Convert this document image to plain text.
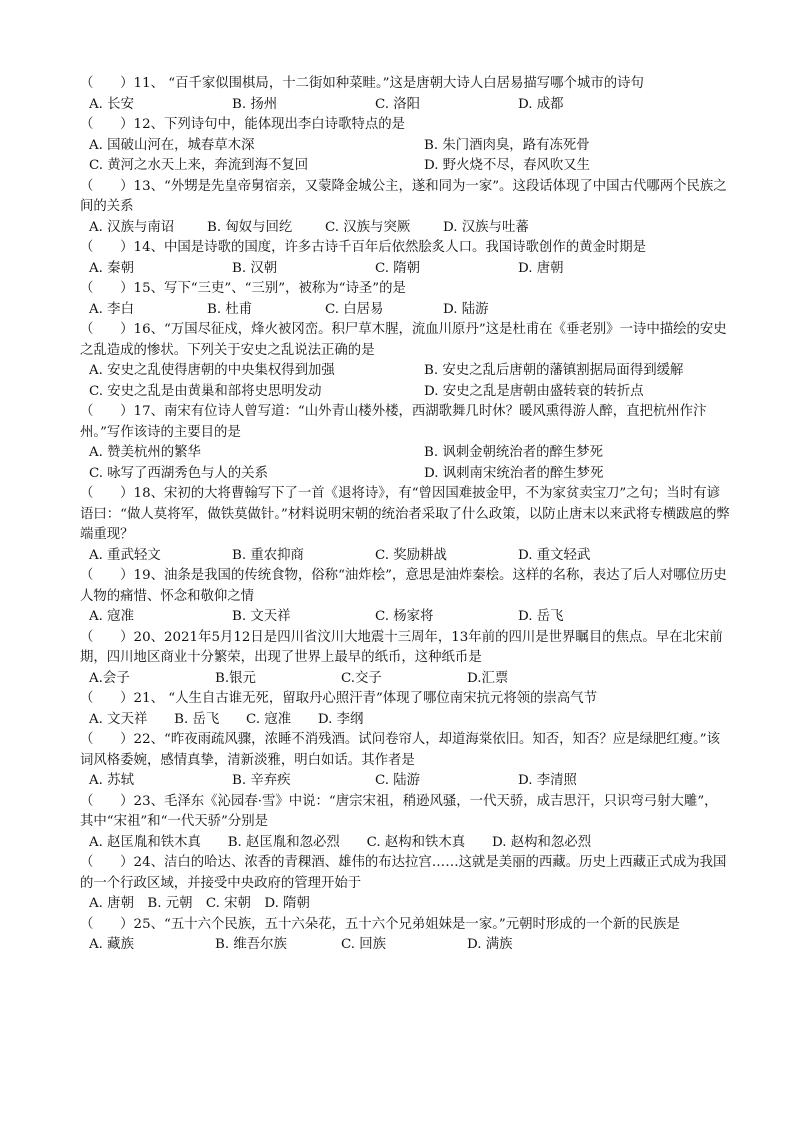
（　　）11、 “百千家似围棋局，十二街如种菜畦。”这是唐朝大诗人白居易描写哪个城市的诗句
A. 长安	B. 扬州	C. 洛阳	D. 成都
（　　）12、下列诗句中，能体现出李白诗歌特点的是
A. 国破山河在，城春草木深	B. 朱门酒肉臭，路有冻死骨
C. 黄河之水天上来，奔流到海不复回	D. 野火烧不尽，春风吹又生
（　　）13、“外甥是先皇帝舅宿亲，又蒙降金城公主，遂和同为一家”。这段话体现了中国古代哪两个民族之间的关系
A. 汉族与南诏	B. 匈奴与回纥	C. 汉族与突厥	D. 汉族与吐蕃
（　　）14、中国是诗歌的国度，许多古诗千百年后依然脍炙人口。我国诗歌创作的黄金时期是
A. 秦朝	B. 汉朝	C. 隋朝	D. 唐朝
（　　）15、写下“三吏”、“三别”，被称为“诗圣”的是
A. 李白	B. 杜甫	C. 白居易	D. 陆游
（　　）16、“万国尽征戍，烽火被冈峦。积尸草木腥，流血川原丹”这是杜甫在《垂老别》一诗中描绘的安史之乱造成的惨状。下列关于安史之乱说法正确的是
A. 安史之乱使得唐朝的中央集权得到加强	B. 安史之乱后唐朝的藩镇割据局面得到缓解
C. 安史之乱是由黄巢和部将史思明发动	D. 安史之乱是唐朝由盛转衰的转折点
（　　）17、南宋有位诗人曾写道：“山外青山楼外楼，西湖歌舞几时休？暖风熏得游人醉，直把杭州作汴州。”写作该诗的主要目的是
A. 赞美杭州的繁华	B. 讽刺金朝统治者的醉生梦死
C. 咏写了西湖秀色与人的关系	D. 讽刺南宋统治者的醉生梦死
（　　）18、宋初的大将曹翰写下了一首《退将诗》，有“曾因国难披金甲，不为家贫卖宝刀”之句；当时有谚语曰：“做人莫将军，做铁莫做针。”材料说明宋朝的统治者采取了什么政策，以防止唐末以来武将专横跋扈的弊端重现？
A. 重武轻文	B. 重农抑商	C. 奖励耕战	D. 重文轻武
（　　）19、油条是我国的传统食物，俗称“油炸桧”，意思是油炸秦桧。这样的名称，表达了后人对哪位历史人物的痛惜、怀念和敬仰之情
A. 寇准	B. 文天祥	C. 杨家将	D. 岳飞
（　　）20、2021年5月12日是四川省汶川大地震十三周年，13年前的四川是世界瞩目的焦点。早在北宋前期，四川地区商业十分繁荣，出现了世界上最早的纸币，这种纸币是
A.会子	B.银元	C.交子	D.汇票
（　　）21、 “人生自古谁无死，留取丹心照汗青”体现了哪位南宋抗元将领的崇高气节
A. 文天祥　　B. 岳飞　　C. 寇准　　D. 李纲
（　　）22、“昨夜雨疏风骤，浓睡不消残酒。试问卷帘人，却道海棠依旧。知否，知否？应是绿肥红瘦。”该词风格委婉，感情真挚，清新淡雅，明白如话。其作者是
A. 苏轼	B. 辛弃疾	C. 陆游	D. 李清照
（　　）23、毛泽东《沁园春·雪》中说：“唐宗宋祖，稍逊风骚，一代天骄，成吉思汗，只识弯弓射大雕”，其中“宋祖”和“一代天骄”分别是
A. 赵匡胤和铁木真　　B. 赵匡胤和忽必烈　　C. 赵构和铁木真　　D. 赵构和忽必烈
（　　）24、洁白的哈达、浓香的青稞酒、雄伟的布达拉宫……这就是美丽的西藏。历史上西藏正式成为我国的一个行政区域，并接受中央政府的管理开始于
A. 唐朝　B. 元朝　C. 宋朝　D. 隋朝
（　　）25、“五十六个民族，五十六朵花，五十六个兄弟姐妹是一家。”元朝时形成的一个新的民族是
A. 藏族	B. 维吾尔族	C. 回族	D. 满族
